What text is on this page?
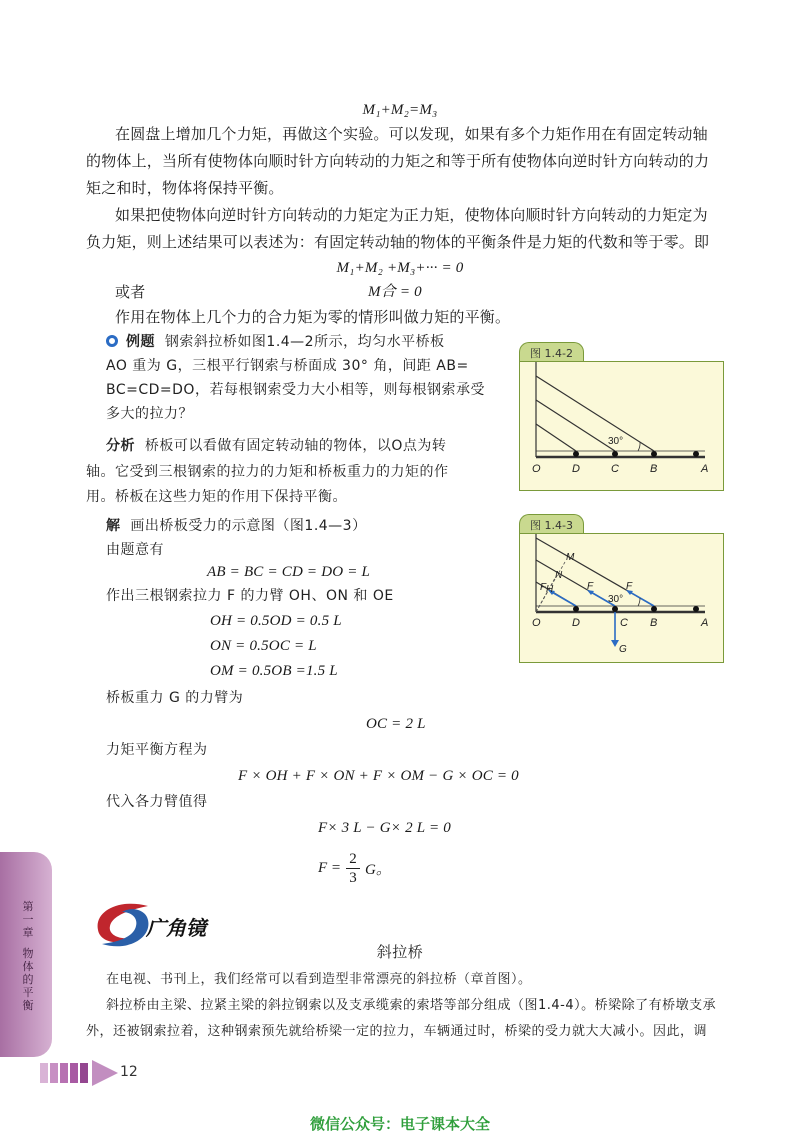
M₁+M₂=M₃
在圆盘上增加几个力矩，再做这个实验。可以发现，如果有多个力矩作用在有固定转动轴
的物体上，当所有使物体向顺时针方向转动的力矩之和等于所有使物体向逆时针方向转动的力
矩之和时，物体将保持平衡。
如果把使物体向逆时针方向转动的力矩定为正力矩，使物体向顺时针方向转动的力矩定为
负力矩，则上述结果可以表述为：有固定转动轴的物体的平衡条件是力矩的代数和等于零。即
M₁+M₂ +M₃+··· = 0
或者	M合 = 0
作用在物体上几个力的合力矩为零的情形叫做力矩的平衡。
例题 钢索斜拉桥如图1.4—2所示，均匀水平桥板
AO 重为 G，三根平行钢索与桥面成 30° 角，间距 AB=
BC=CD=DO，若每根钢索受力大小相等，则每根钢索承受
多大的拉力？
分析 桥板可以看做有固定转动轴的物体，以O点为转
轴。它受到三根钢索的拉力的力矩和桥板重力的力矩的作
用。桥板在这些力矩的作用下保持平衡。
解 画出桥板受力的示意图（图1.4—3）
由题意有
AB = BC = CD = DO = L
作出三根钢索拉力 F 的力臂 OH、ON 和 OE
OH = 0.5OD = 0.5 L
ON = 0.5OC = L
OM = 0.5OB =1.5 L
桥板重力 G 的力臂为
OC = 2 L
力矩平衡方程为
F × OH + F × ON + F × OM − G × OC = 0
代入各力臂值得
F× 3 L − G× 2 L = 0
F =
2
3 G。
图 1.4-2
30°
O	D	C	B	A
图 1.4-3
30°
M
N
H
F	F	F
G
O	D	C B	A
广角镜
斜拉桥
在电视、书刊上，我们经常可以看到造型非常漂亮的斜拉桥（章首图）。
斜拉桥由主梁、拉紧主梁的斜拉钢索以及支承缆索的索塔等部分组成（图1.4-4）。桥梁除了有桥墩支承
外，还被钢索拉着，这种钢索预先就给桥梁一定的拉力，车辆通过时，桥梁的受力就大大减小。因此，调
第一章
物体的平衡
12
微信公众号：电子课本大全
